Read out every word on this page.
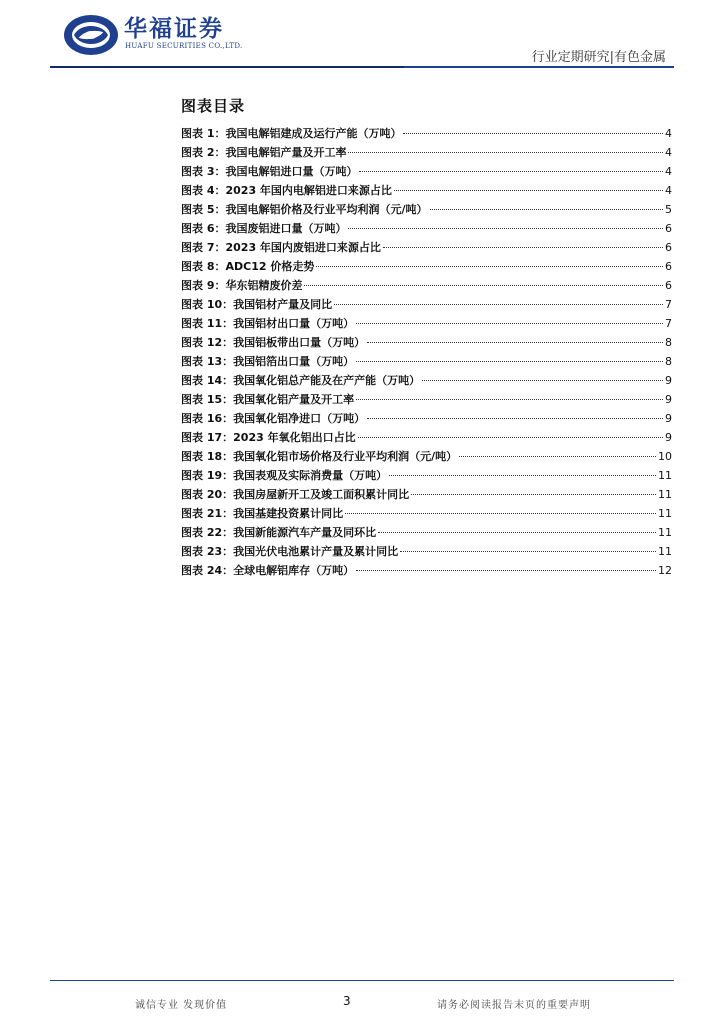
华福证券
HUAFU SECURITIES CO.,LTD.
行业定期研究|有色金属
图表目录
图表 1：我国电解铝建成及运行产能（万吨）	4
图表 2：我国电解铝产量及开工率	4
图表 3：我国电解铝进口量（万吨）	4
图表 4：2023 年国内电解铝进口来源占比	4
图表 5：我国电解铝价格及行业平均利润（元/吨）	5
图表 6：我国废铝进口量（万吨）	6
图表 7：2023 年国内废铝进口来源占比	6
图表 8：ADC12 价格走势	6
图表 9：华东铝精废价差	6
图表 10：我国铝材产量及同比	7
图表 11：我国铝材出口量（万吨）	7
图表 12：我国铝板带出口量（万吨）	8
图表 13：我国铝箔出口量（万吨）	8
图表 14：我国氧化铝总产能及在产产能（万吨）	9
图表 15：我国氧化铝产量及开工率	9
图表 16：我国氧化铝净进口（万吨）	9
图表 17：2023 年氧化铝出口占比	9
图表 18：我国氧化铝市场价格及行业平均利润（元/吨）	10
图表 19：我国表观及实际消费量（万吨）	11
图表 20：我国房屋新开工及竣工面积累计同比	11
图表 21：我国基建投资累计同比	11
图表 22：我国新能源汽车产量及同环比	11
图表 23：我国光伏电池累计产量及累计同比	11
图表 24：全球电解铝库存（万吨）	12
诚信专业 发现价值	3	请务必阅读报告末页的重要声明
